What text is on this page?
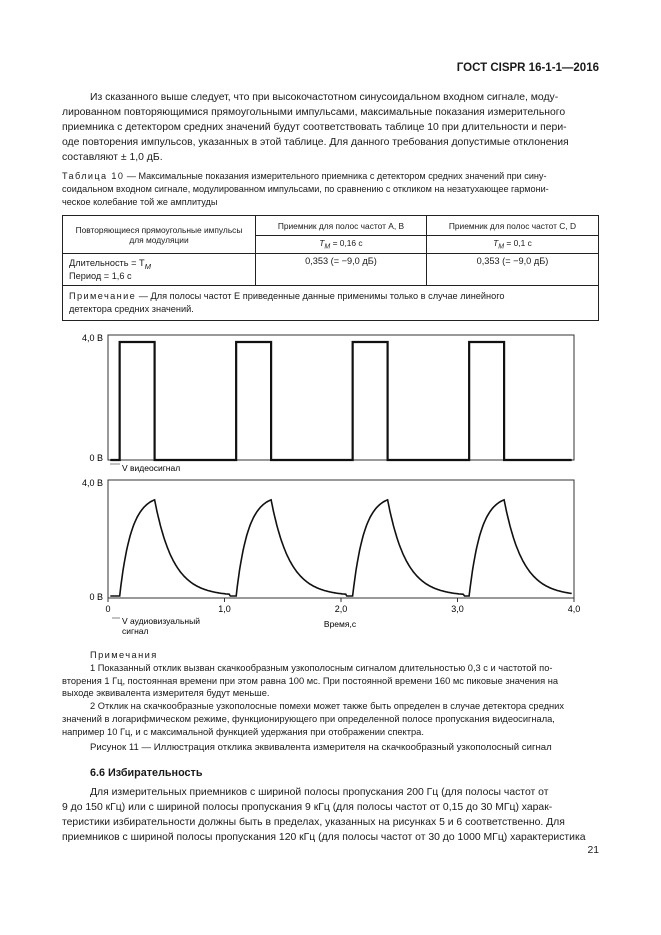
ГОСТ CISPR 16-1-1—2016
Из сказанного выше следует, что при высокочастотном синусоидальном входном сигнале, моду-
лированном повторяющимися прямоугольными импульсами, максимальные показания измерительного
приемника с детектором средних значений будут соответствовать таблице 10 при длительности и пери-
оде повторения импульсов, указанных в этой таблице. Для данного требования допустимые отклонения
составляют ± 1,0 дБ.
Таблица 10 — Максимальные показания измерительного приемника с детектором средних значений при сину-
соидальном входном сигнале, модулированном импульсами, по сравнению с откликом на незатухающее гармони-
ческое колебание той же амплитуды
Повторяющиеся прямоугольные импульсы для модуляции	Приемник для полос частот А, В	Приемник для полос частот С, D
	$T_M = 0,16$ с	$T_M = 0,1$ с

Длительность = $T_M$
Период = 1,6 с	0,353 (= −9,0 дБ)	0,353 (= −9,0 дБ)

Примечание — Для полосы частот Е приведенные данные применимы только в случае линейного
детектора средних значений.		
4,0 В
0 В
V видеосигнал
4,0 В
0 В
0	1,0	2,0	3,0	4,0
Время,с
V аудиовизуальный
сигнал
Примечания
1 Показанный отклик вызван скачкообразным узкополосным сигналом длительностью 0,3 с и частотой по-
вторения 1 Гц, постоянная времени при этом равна 100 мс. При постоянной времени 160 мс пиковые значения на
выходе эквивалента измерителя будут меньше.
2 Отклик на скачкообразные узкополосные помехи может также быть определен в случае детектора средних
значений в логарифмическом режиме, функционирующего при определенной полосе пропускания видеосигнала,
например 10 Гц, и с максимальной функцией удержания при отображении спектра.
Рисунок 11 — Иллюстрация отклика эквивалента измерителя на скачкообразный узкополосный сигнал
6.6 Избирательность
Для измерительных приемников с шириной полосы пропускания 200 Гц (для полосы частот от
9 до 150 кГц) или с шириной полосы пропускания 9 кГц (для полосы частот от 0,15 до 30 МГц) харак-
теристики избирательности должны быть в пределах, указанных на рисунках 5 и 6 соответственно. Для
приемников с шириной полосы пропускания 120 кГц (для полосы частот от 30 до 1000 МГц) характеристика
21
